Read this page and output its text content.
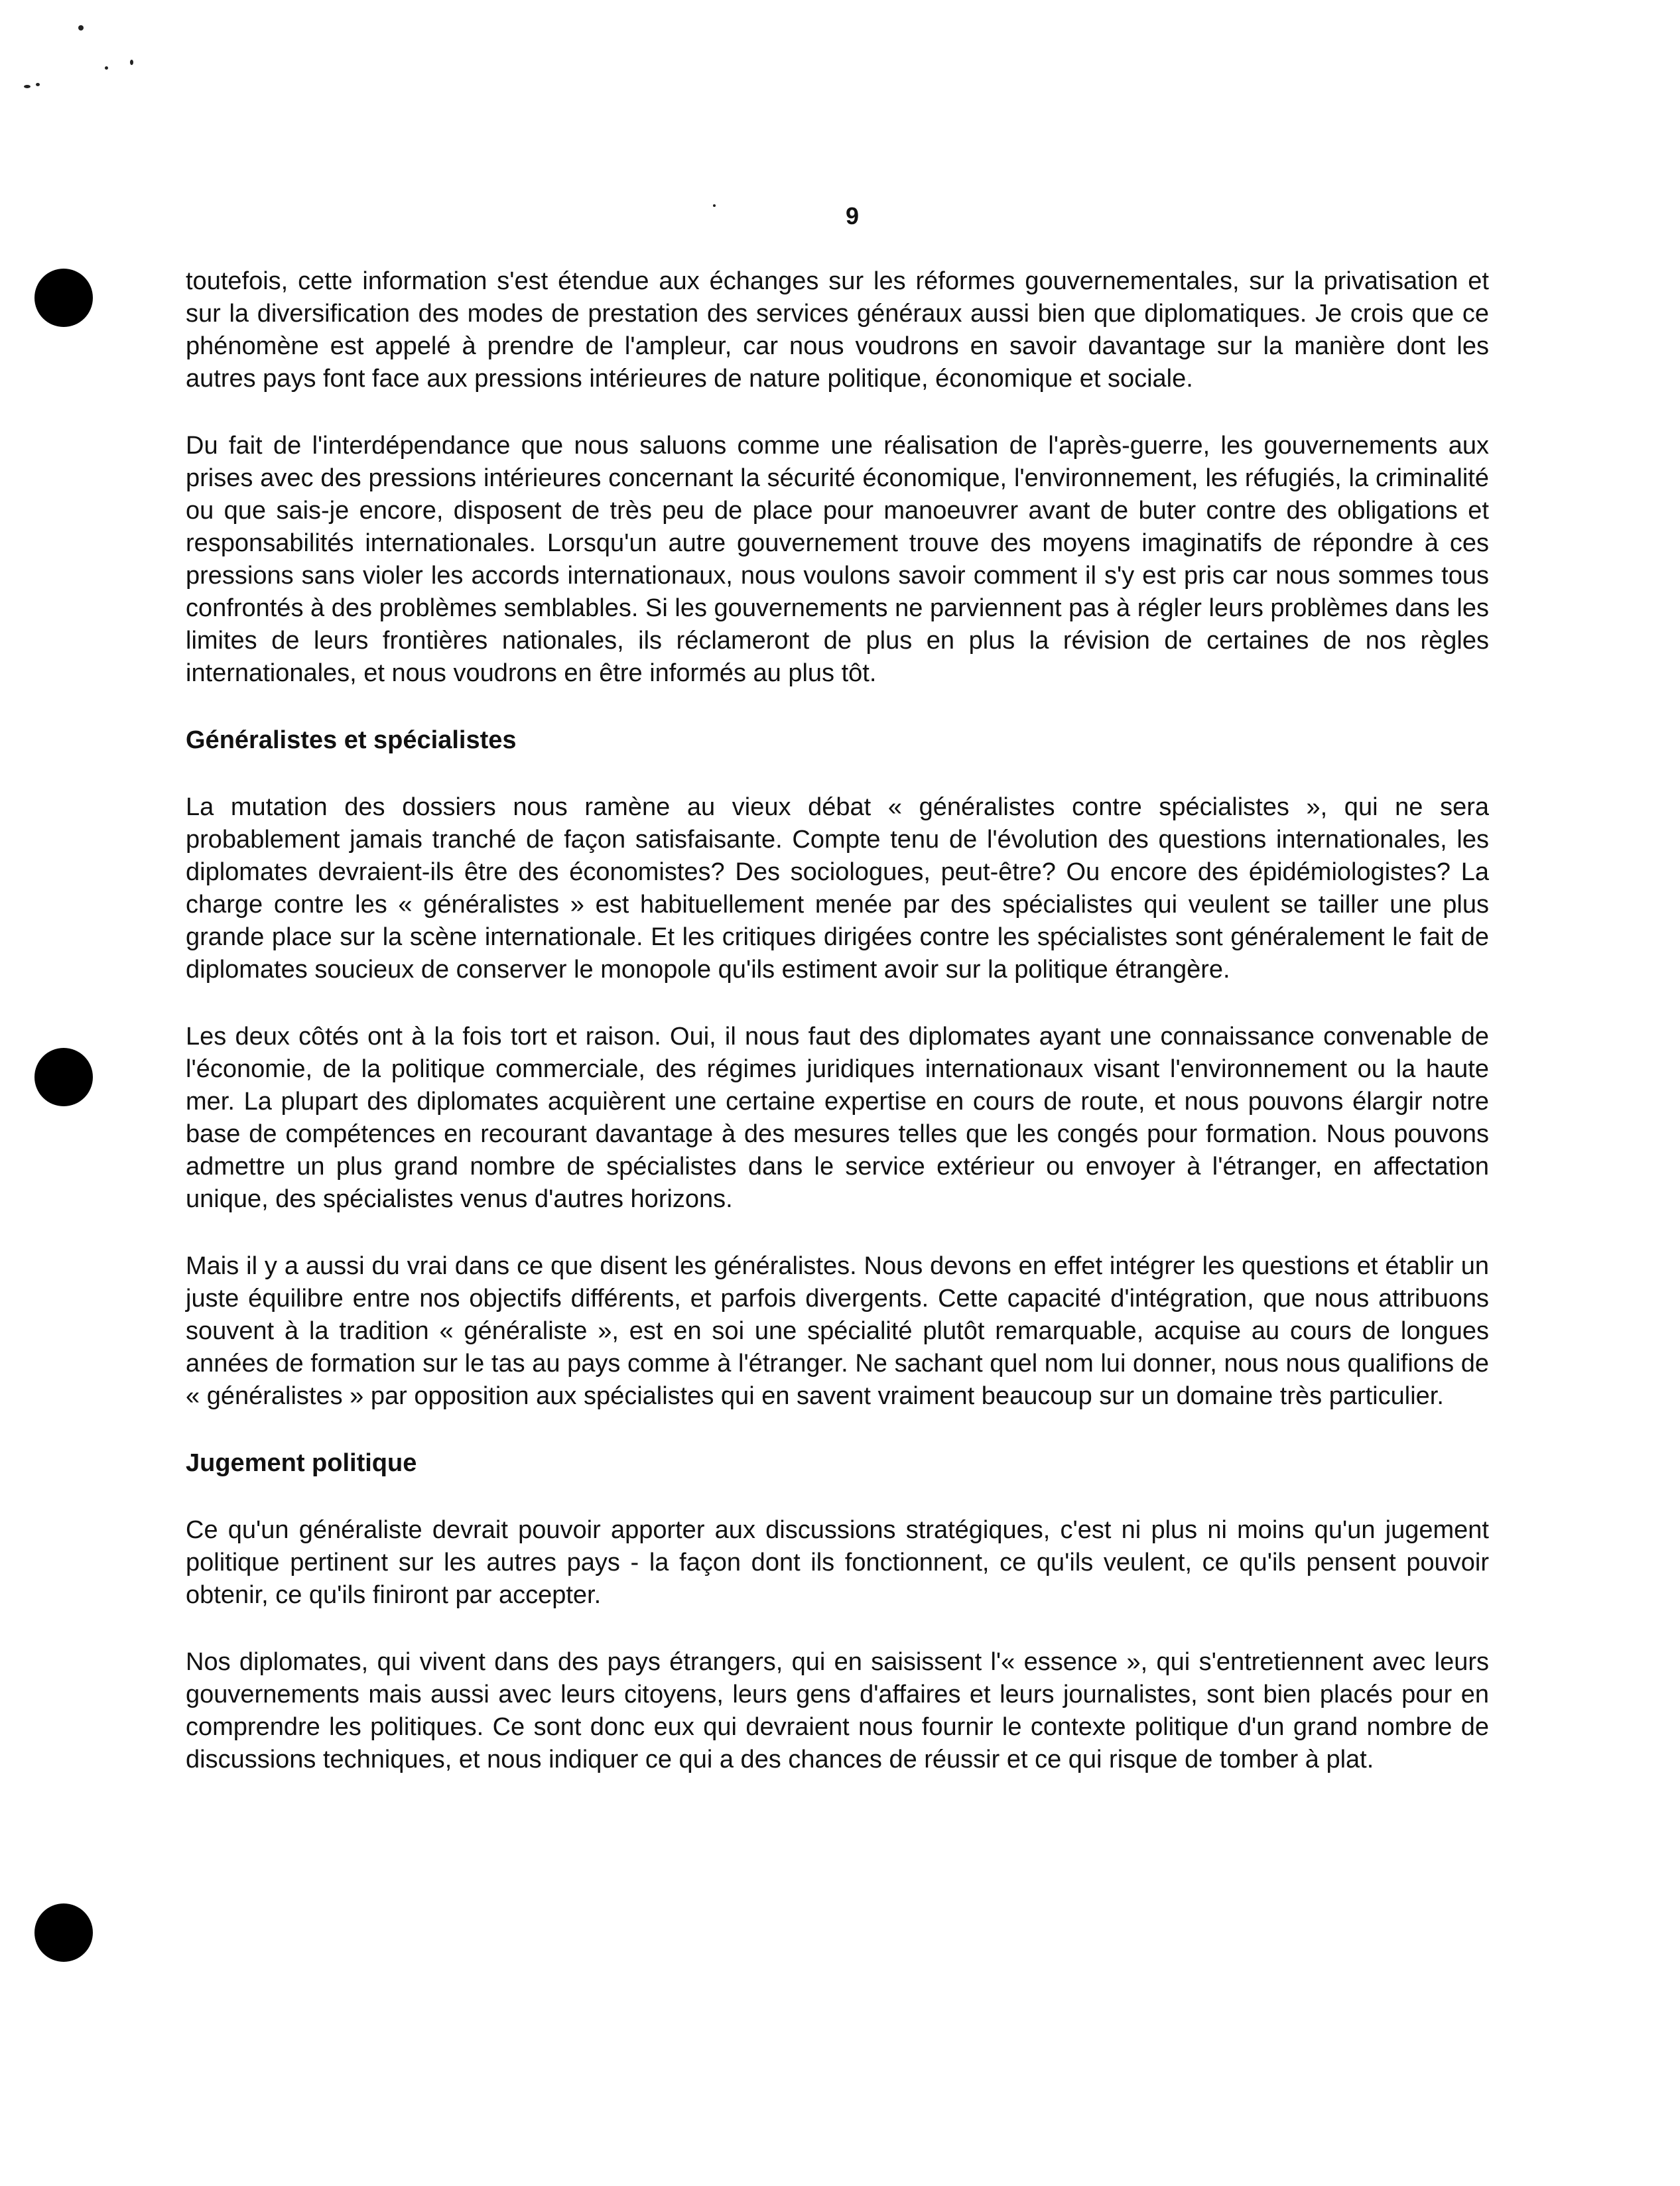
9

toutefois, cette information s'est étendue aux échanges sur les réformes gouvernementales, sur la privatisation et sur la diversification des modes de prestation des services généraux aussi bien que diplomatiques. Je crois que ce phénomène est appelé à prendre de l'ampleur, car nous voudrons en savoir davantage sur la manière dont les autres pays font face aux pressions intérieures de nature politique, économique et sociale.

Du fait de l'interdépendance que nous saluons comme une réalisation de l'après-guerre, les gouvernements aux prises avec des pressions intérieures concernant la sécurité économique, l'environnement, les réfugiés, la criminalité ou que sais-je encore, disposent de très peu de place pour manoeuvrer avant de buter contre des obligations et responsabilités internationales. Lorsqu'un autre gouvernement trouve des moyens imaginatifs de répondre à ces pressions sans violer les accords internationaux, nous voulons savoir comment il s'y est pris car nous sommes tous confrontés à des problèmes semblables. Si les gouvernements ne parviennent pas à régler leurs problèmes dans les limites de leurs frontières nationales, ils réclameront de plus en plus la révision de certaines de nos règles internationales, et nous voudrons en être informés au plus tôt.

Généralistes et spécialistes

La mutation des dossiers nous ramène au vieux débat « généralistes contre spécialistes », qui ne sera probablement jamais tranché de façon satisfaisante. Compte tenu de l'évolution des questions internationales, les diplomates devraient-ils être des économistes? Des sociologues, peut-être? Ou encore des épidémiologistes? La charge contre les « généralistes » est habituellement menée par des spécialistes qui veulent se tailler une plus grande place sur la scène internationale. Et les critiques dirigées contre les spécialistes sont généralement le fait de diplomates soucieux de conserver le monopole qu'ils estiment avoir sur la politique étrangère.

Les deux côtés ont à la fois tort et raison. Oui, il nous faut des diplomates ayant une connaissance convenable de l'économie, de la politique commerciale, des régimes juridiques internationaux visant l'environnement ou la haute mer. La plupart des diplomates acquièrent une certaine expertise en cours de route, et nous pouvons élargir notre base de compétences en recourant davantage à des mesures telles que les congés pour formation. Nous pouvons admettre un plus grand nombre de spécialistes dans le service extérieur ou envoyer à l'étranger, en affectation unique, des spécialistes venus d'autres horizons.

Mais il y a aussi du vrai dans ce que disent les généralistes. Nous devons en effet intégrer les questions et établir un juste équilibre entre nos objectifs différents, et parfois divergents. Cette capacité d'intégration, que nous attribuons souvent à la tradition « généraliste », est en soi une spécialité plutôt remarquable, acquise au cours de longues années de formation sur le tas au pays comme à l'étranger. Ne sachant quel nom lui donner, nous nous qualifions de « généralistes » par opposition aux spécialistes qui en savent vraiment beaucoup sur un domaine très particulier.

Jugement politique

Ce qu'un généraliste devrait pouvoir apporter aux discussions stratégiques, c'est ni plus ni moins qu'un jugement politique pertinent sur les autres pays - la façon dont ils fonctionnent, ce qu'ils veulent, ce qu'ils pensent pouvoir obtenir, ce qu'ils finiront par accepter.

Nos diplomates, qui vivent dans des pays étrangers, qui en saisissent l'« essence », qui s'entretiennent avec leurs gouvernements mais aussi avec leurs citoyens, leurs gens d'affaires et leurs journalistes, sont bien placés pour en comprendre les politiques. Ce sont donc eux qui devraient nous fournir le contexte politique d'un grand nombre de discussions techniques, et nous indiquer ce qui a des chances de réussir et ce qui risque de tomber à plat.
